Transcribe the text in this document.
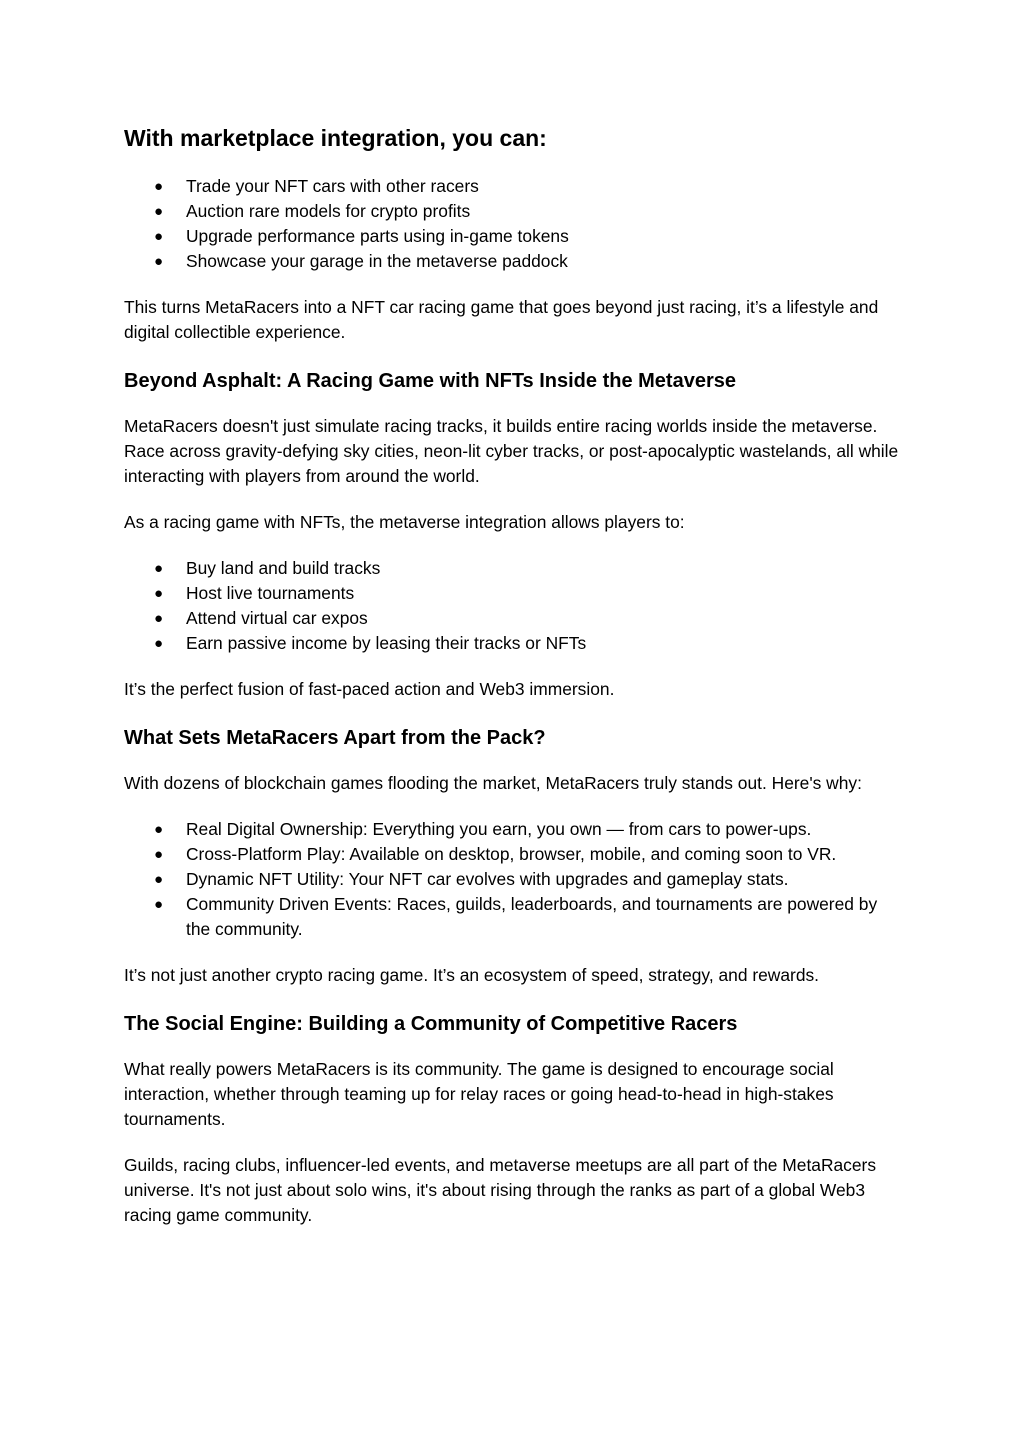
With marketplace integration, you can:
● Trade your NFT cars with other racers
● Auction rare models for crypto profits
● Upgrade performance parts using in-game tokens
● Showcase your garage in the metaverse paddock

This turns MetaRacers into a NFT car racing game that goes beyond just racing, it’s a lifestyle and digital collectible experience.

Beyond Asphalt: A Racing Game with NFTs Inside the Metaverse

MetaRacers doesn't just simulate racing tracks, it builds entire racing worlds inside the metaverse. Race across gravity-defying sky cities, neon-lit cyber tracks, or post-apocalyptic wastelands, all while interacting with players from around the world.

As a racing game with NFTs, the metaverse integration allows players to:

● Buy land and build tracks
● Host live tournaments
● Attend virtual car expos
● Earn passive income by leasing their tracks or NFTs

It’s the perfect fusion of fast-paced action and Web3 immersion.

What Sets MetaRacers Apart from the Pack?

With dozens of blockchain games flooding the market, MetaRacers truly stands out. Here's why:

● Real Digital Ownership: Everything you earn, you own — from cars to power-ups.
● Cross-Platform Play: Available on desktop, browser, mobile, and coming soon to VR.
● Dynamic NFT Utility: Your NFT car evolves with upgrades and gameplay stats.
● Community Driven Events: Races, guilds, leaderboards, and tournaments are powered by the community.

It’s not just another crypto racing game. It’s an ecosystem of speed, strategy, and rewards.

The Social Engine: Building a Community of Competitive Racers

What really powers MetaRacers is its community. The game is designed to encourage social interaction, whether through teaming up for relay races or going head-to-head in high-stakes tournaments.

Guilds, racing clubs, influencer-led events, and metaverse meetups are all part of the MetaRacers universe. It's not just about solo wins, it's about rising through the ranks as part of a global Web3 racing game community.
